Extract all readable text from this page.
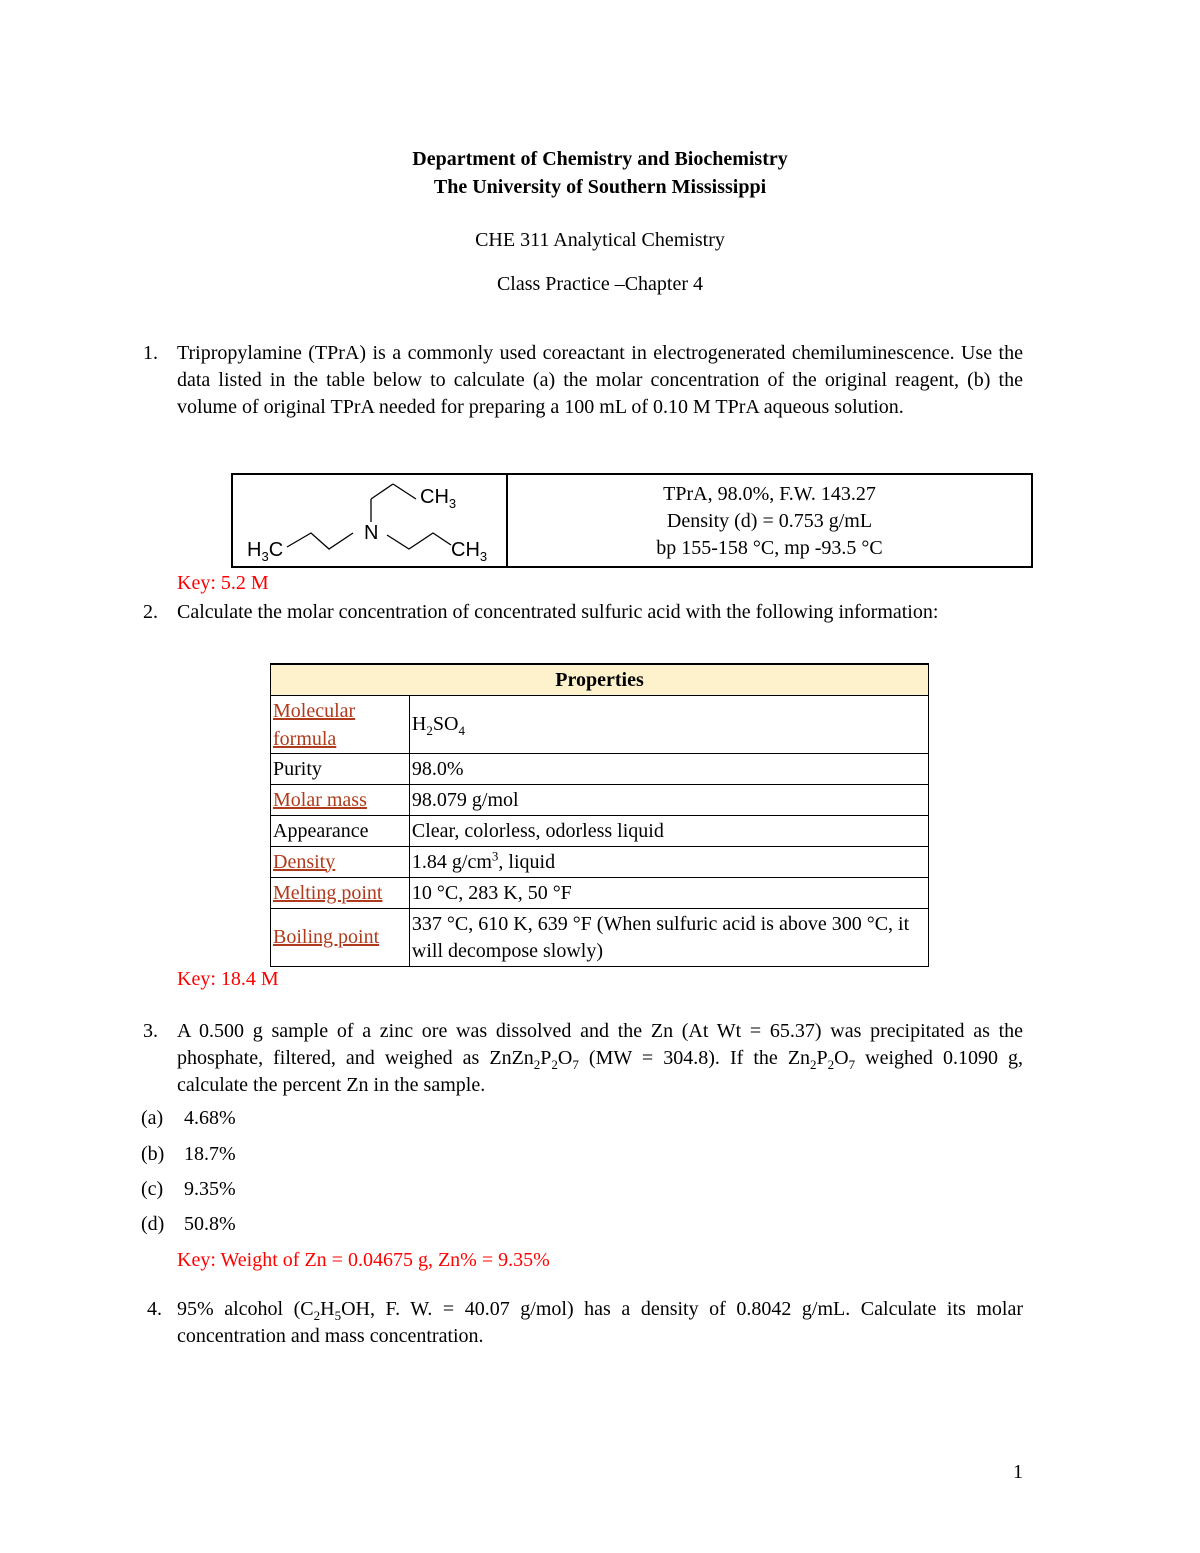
Department of Chemistry and Biochemistry
The University of Southern Mississippi
CHE 311 Analytical Chemistry
Class Practice –Chapter 4
1. Tripropylamine (TPrA) is a commonly used coreactant in electrogenerated chemiluminescence. Use the data listed in the table below to calculate (a) the molar concentration of the original reagent, (b) the volume of original TPrA needed for preparing a 100 mL of 0.10 M TPrA aqueous solution.
$CH_3$
N
$H_3C$	$CH_3$
TPrA, 98.0%, F.W. 143.27
Density (d) = 0.753 g/mL
bp 155-158 °C, mp -93.5 °C
Key: 5.2 M
2. Calculate the molar concentration of concentrated sulfuric acid with the following information:
Properties	
Molecular formula	$H_2SO_4$
Purity	98.0%
Molar mass	98.079 g/mol
Appearance	Clear, colorless, odorless liquid
Density	1.84 $g/cm^3$, liquid
Melting point	10 °C, 283 K, 50 °F
Boiling point	337 °C, 610 K, 639 °F (When sulfuric acid is above 300 °C, it will decompose slowly)
Key: 18.4 M
3. A 0.500 g sample of a zinc ore was dissolved and the Zn (At Wt = 65.37) was precipitated as the phosphate, filtered, and weighed as $ZnZn_2P_2O_7$ (MW = 304.8). If the $Zn_2P_2O_7$ weighed 0.1090 g, calculate the percent Zn in the sample.
(a) 4.68%
(b) 18.7%
(c) 9.35%
(d) 50.8%
Key: Weight of Zn = 0.04675 g, Zn% = 9.35%
4. 95% alcohol ($C_2H_5OH$, F. W. = 40.07 g/mol) has a density of 0.8042 g/mL. Calculate its molar concentration and mass concentration.
1
